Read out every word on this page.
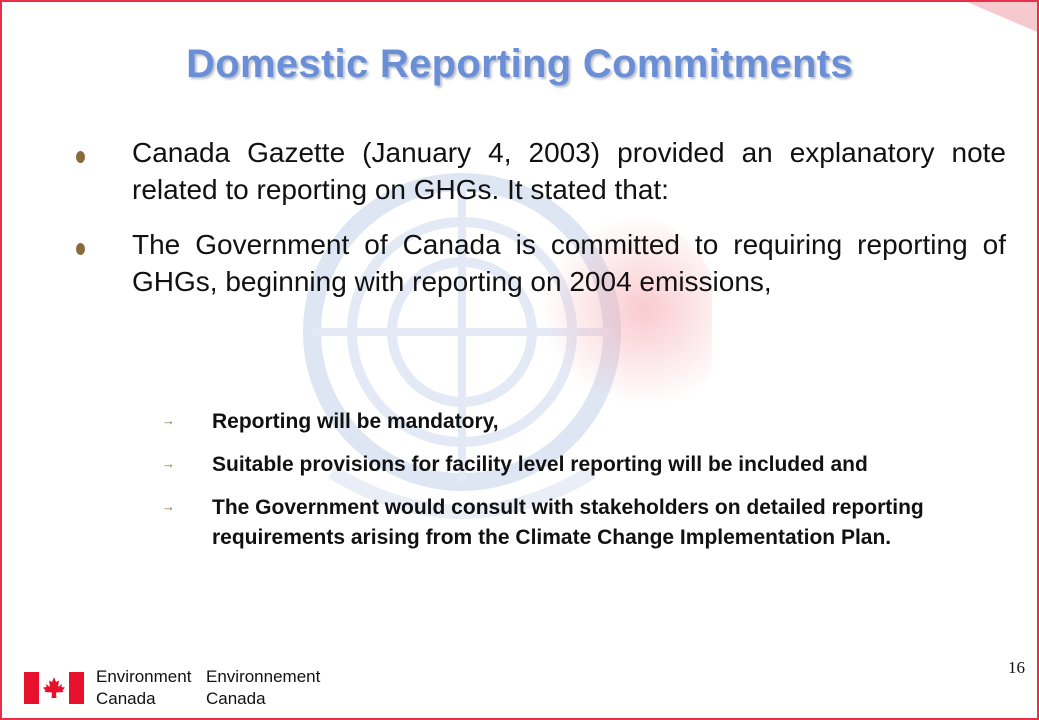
Domestic Reporting Commitments
Canada Gazette (January 4, 2003) provided an explanatory note related to reporting on GHGs. It stated that:
The Government of Canada is committed to requiring reporting of GHGs, beginning with reporting on 2004 emissions,
→ Reporting will be mandatory,
→ Suitable provisions for facility level reporting will be included and
→ The Government would consult with stakeholders on detailed reporting requirements arising from the Climate Change Implementation Plan.
16
Environment Environnement
Canada	Canada
